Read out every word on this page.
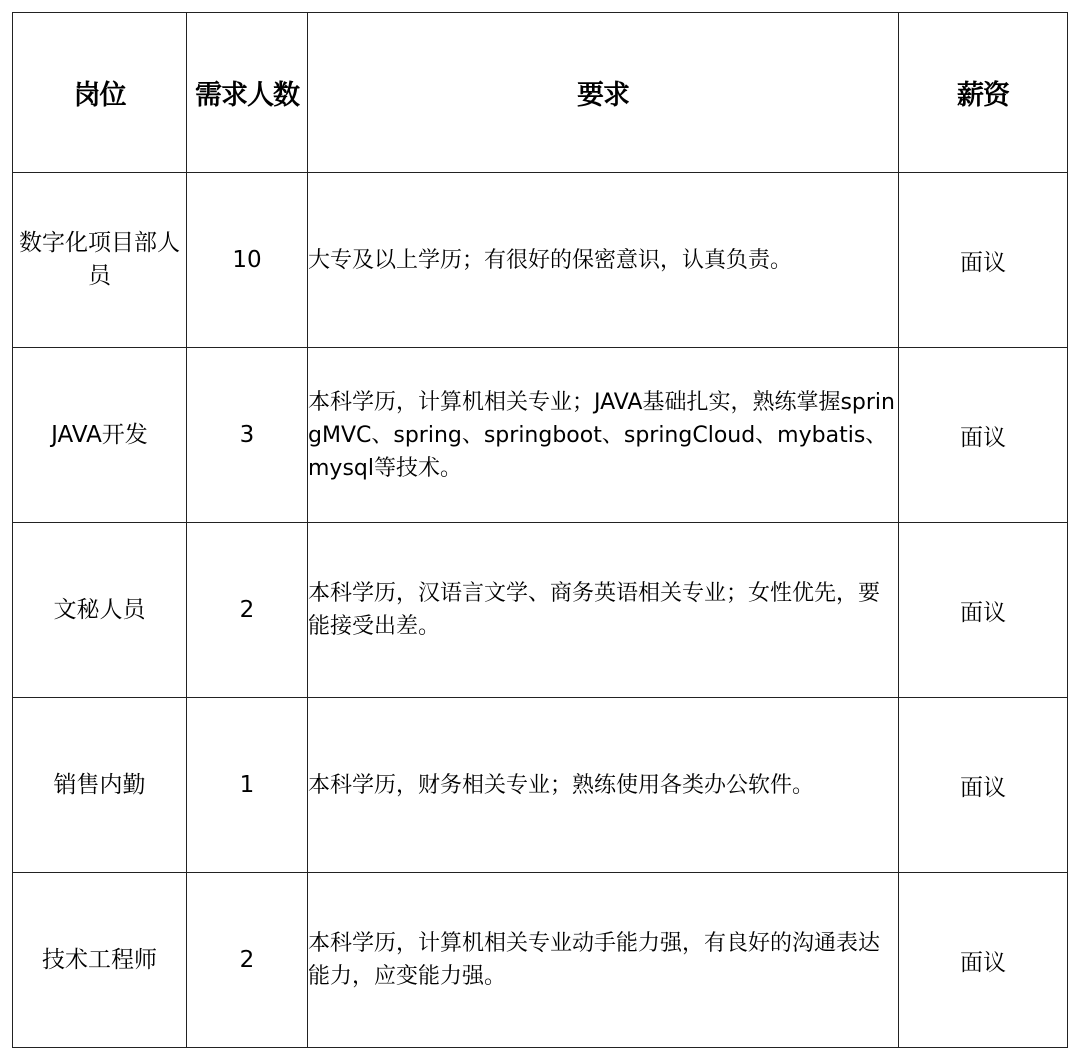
岗位	需求人数	要求	薪资
数字化项目部人员	10	大专及以上学历；有很好的保密意识，认真负责。	面议
JAVA开发	3	本科学历，计算机相关专业；JAVA基础扎实，熟练掌握springMVC、spring、springboot、springCloud、mybatis、mysql等技术。	面议
文秘人员	2	本科学历，汉语言文学、商务英语相关专业；女性优先，要能接受出差。	面议
销售内勤	1	本科学历，财务相关专业；熟练使用各类办公软件。	面议
技术工程师	2	本科学历，计算机相关专业动手能力强，有良好的沟通表达能力，应变能力强。	面议
